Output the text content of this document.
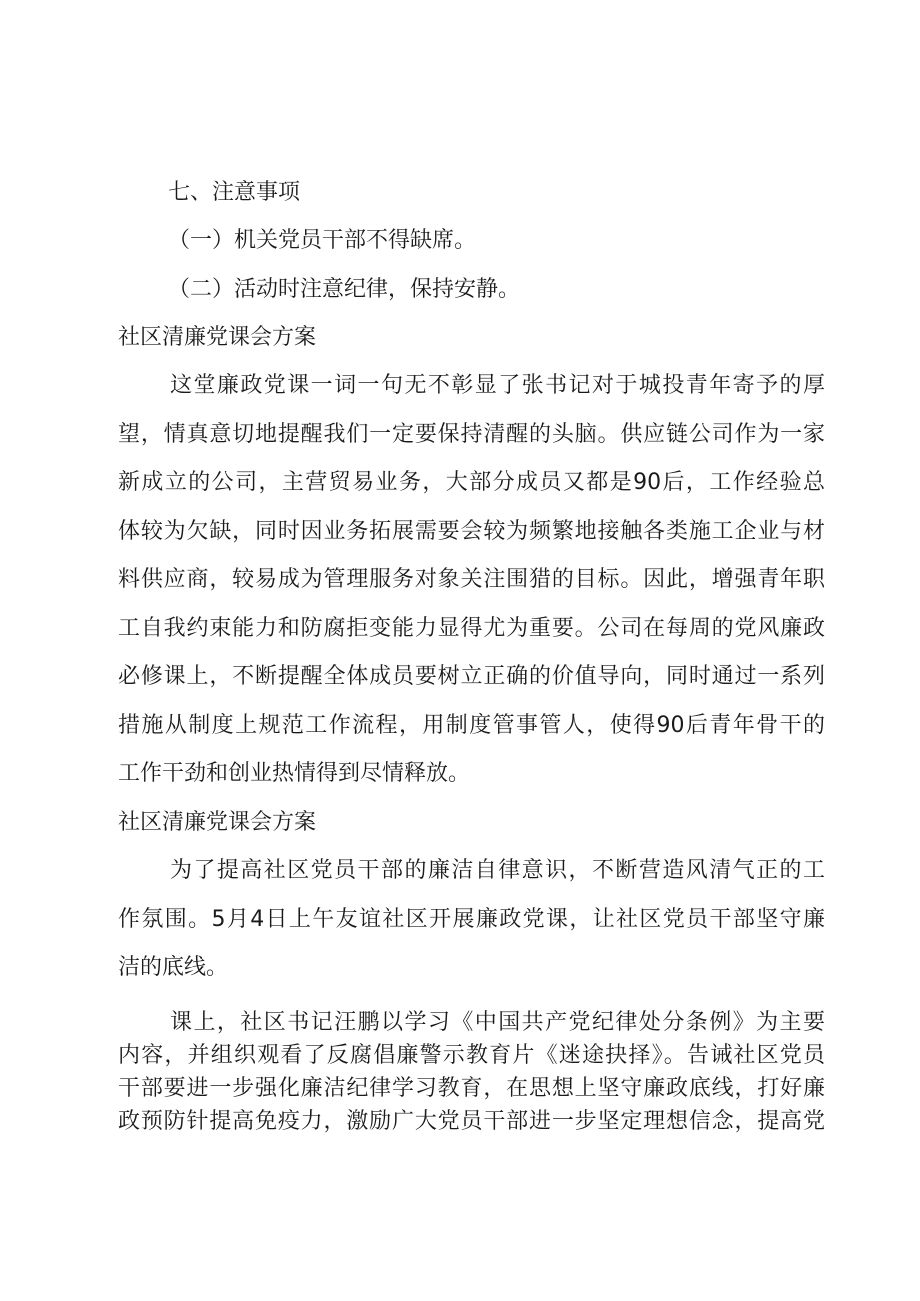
七、注意事项
（一）机关党员干部不得缺席。
（二）活动时注意纪律，保持安静。
社区清廉党课会方案
这堂廉政党课一词一句无不彰显了张书记对于城投青年寄予的厚
望，情真意切地提醒我们一定要保持清醒的头脑。供应链公司作为一家
新成立的公司，主营贸易业务，大部分成员又都是90后，工作经验总
体较为欠缺，同时因业务拓展需要会较为频繁地接触各类施工企业与材
料供应商，较易成为管理服务对象关注围猎的目标。因此，增强青年职
工自我约束能力和防腐拒变能力显得尤为重要。公司在每周的党风廉政
必修课上，不断提醒全体成员要树立正确的价值导向，同时通过一系列
措施从制度上规范工作流程，用制度管事管人，使得90后青年骨干的
工作干劲和创业热情得到尽情释放。
社区清廉党课会方案
为了提高社区党员干部的廉洁自律意识，不断营造风清气正的工
作氛围。5月4日上午友谊社区开展廉政党课，让社区党员干部坚守廉
洁的底线。
课上，社区书记汪鹏以学习《中国共产党纪律处分条例》为主要
内容，并组织观看了反腐倡廉警示教育片《迷途抉择》。告诫社区党员
干部要进一步强化廉洁纪律学习教育，在思想上坚守廉政底线，打好廉
政预防针提高免疫力，激励广大党员干部进一步坚定理想信念，提高党
